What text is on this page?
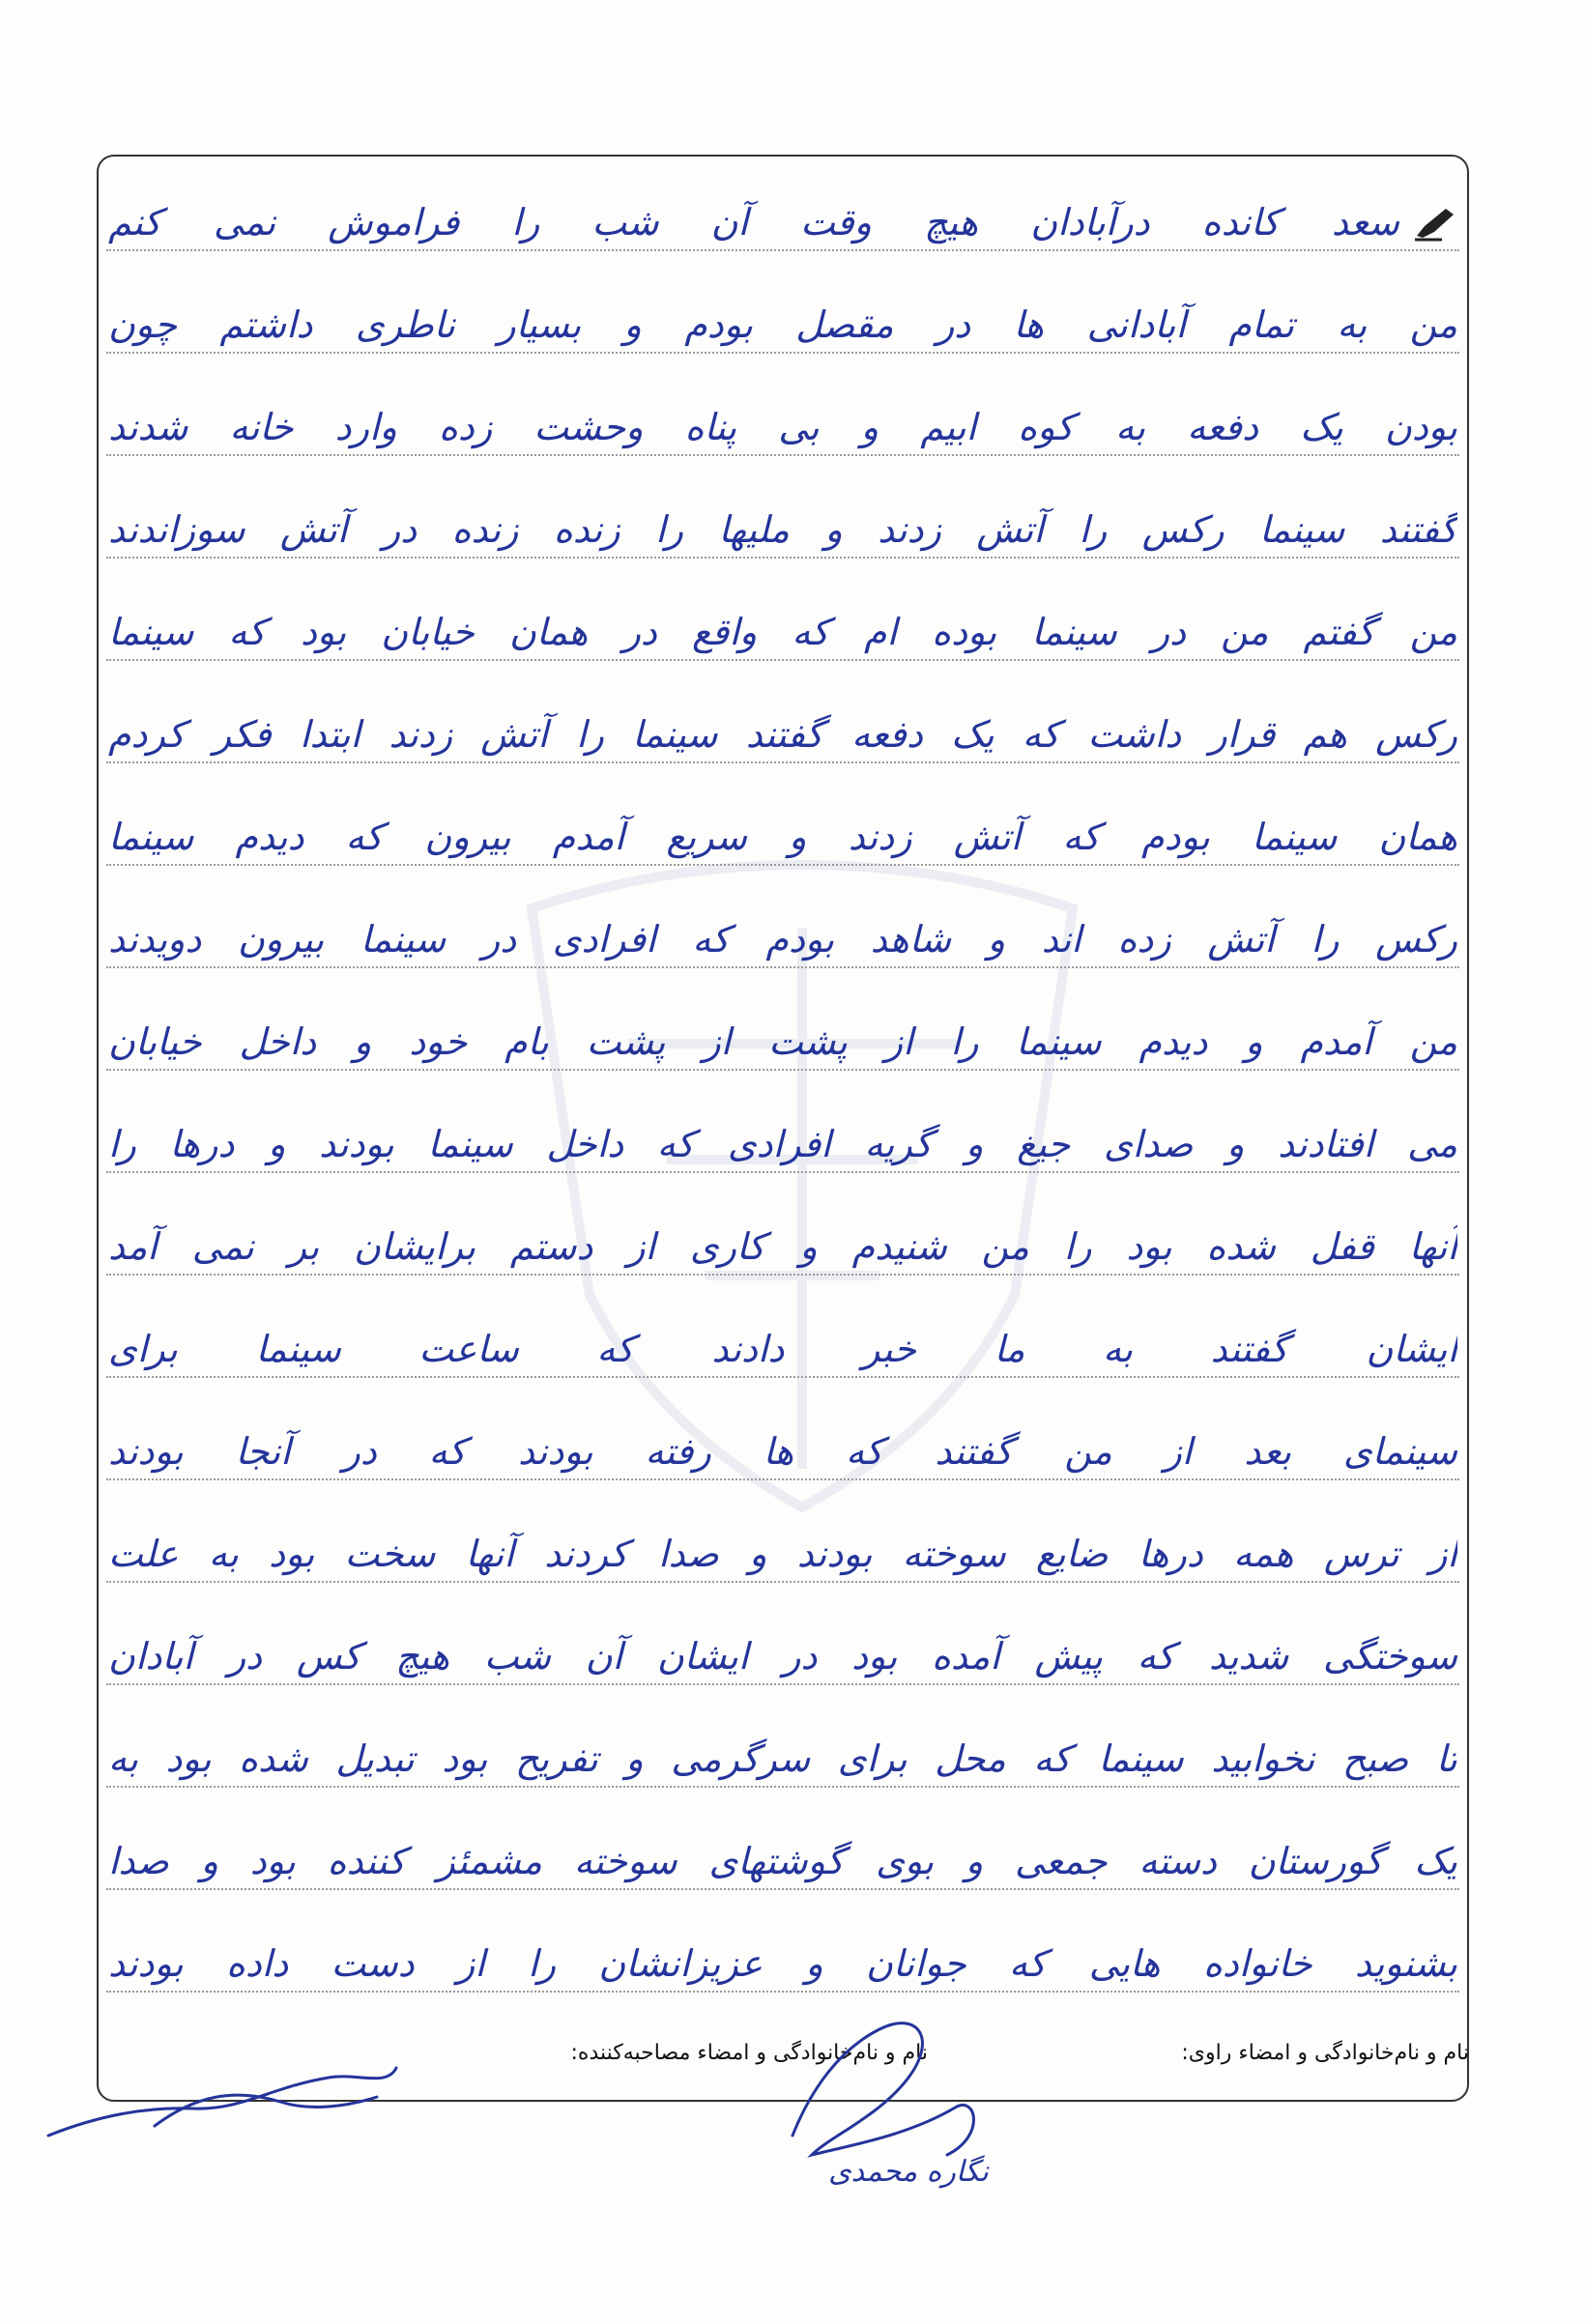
سعد کانده درآبادان هیچ وقت آن شب را فراموش نمی کنم
من به تمام آبادانی ها در مقصل بودم و بسیار ناطری داشتم چون
بودن یک دفعه به کوه ابیم و بی پناه وحشت زده وارد خانه شدند
گفتند سینما رکس را آتش زدند و ملیها را زنده زنده در آتش سوزاندند
من گفتم من در سینما بوده ام که واقع در همان خیابان بود که سینما
رکس هم قرار داشت که یک دفعه گفتند سینما را آتش زدند ابتدا فکر کردم
همان سینما بودم که آتش زدند و سریع آمدم بیرون که دیدم سینما
رکس را آتش زده اند و شاهد بودم که افرادی در سینما بیرون دویدند
من آمدم و دیدم سینما را از پشت از پشت بام خود و داخل خیابان
می افتادند و صدای جیغ و گریه افرادی که داخل سینما بودند و درها را
آنها قفل شده بود را من شنیدم و کاری از دستم برایشان بر نمی آمد
ایشان گفتند به ما خبر دادند که ساعت سینما برای
سینمای بعد از من گفتند که ها رفته بودند که در آنجا بودند
از ترس همه درها ضایع سوخته بودند و صدا کردند آنها سخت بود به علت
سوختگی شدید که پیش آمده بود در ایشان آن شب هیچ کس در آبادان
تا صبح نخوابید سینما که محل برای سرگرمی و تفریح بود تبدیل شده بود به
یک گورستان دسته جمعی و بوی گوشتهای سوخته مشمئز کننده بود و صدا
بشنوید خانواده هایی که جوانان و عزیزانشان را از دست داده بودند
نام و نام‌خانوادگی و امضاء راوی:
نام و نام‌خانوادگی و امضاء مصاحبه‌کننده:
نگاره محمدی
